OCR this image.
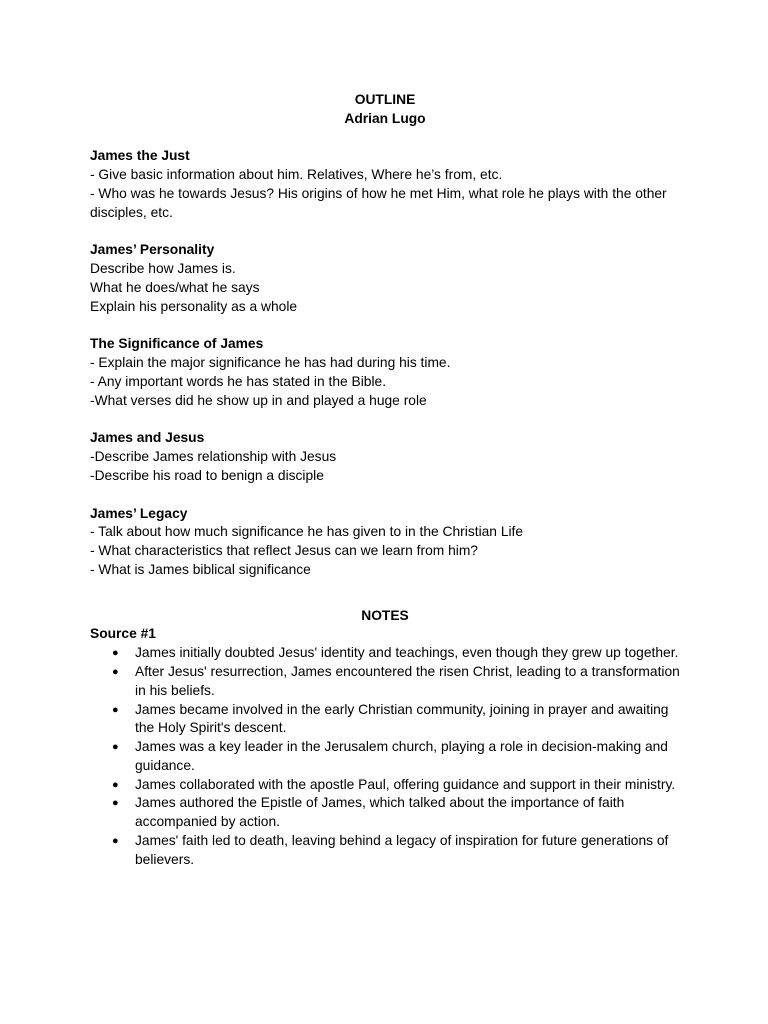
OUTLINE
Adrian Lugo
James the Just
- Give basic information about him. Relatives, Where he’s from, etc.
- Who was he towards Jesus? His origins of how he met Him, what role he plays with the other disciples, etc.
James’ Personality
Describe how James is.
What he does/what he says
Explain his personality as a whole
The Significance of James
- Explain the major significance he has had during his time.
- Any important words he has stated in the Bible.
-What verses did he show up in and played a huge role
James and Jesus
-Describe James relationship with Jesus
-Describe his road to benign a disciple
James’ Legacy
- Talk about how much significance he has given to in the Christian Life
- What characteristics that reflect Jesus can we learn from him?
- What is James biblical significance
NOTES
Source #1
● James initially doubted Jesus' identity and teachings, even though they grew up together.
● After Jesus' resurrection, James encountered the risen Christ, leading to a transformation in his beliefs.
● James became involved in the early Christian community, joining in prayer and awaiting the Holy Spirit's descent.
● James was a key leader in the Jerusalem church, playing a role in decision-making and guidance.
● James collaborated with the apostle Paul, offering guidance and support in their ministry.
● James authored the Epistle of James, which talked about the importance of faith accompanied by action.
● James' faith led to death, leaving behind a legacy of inspiration for future generations of believers.
